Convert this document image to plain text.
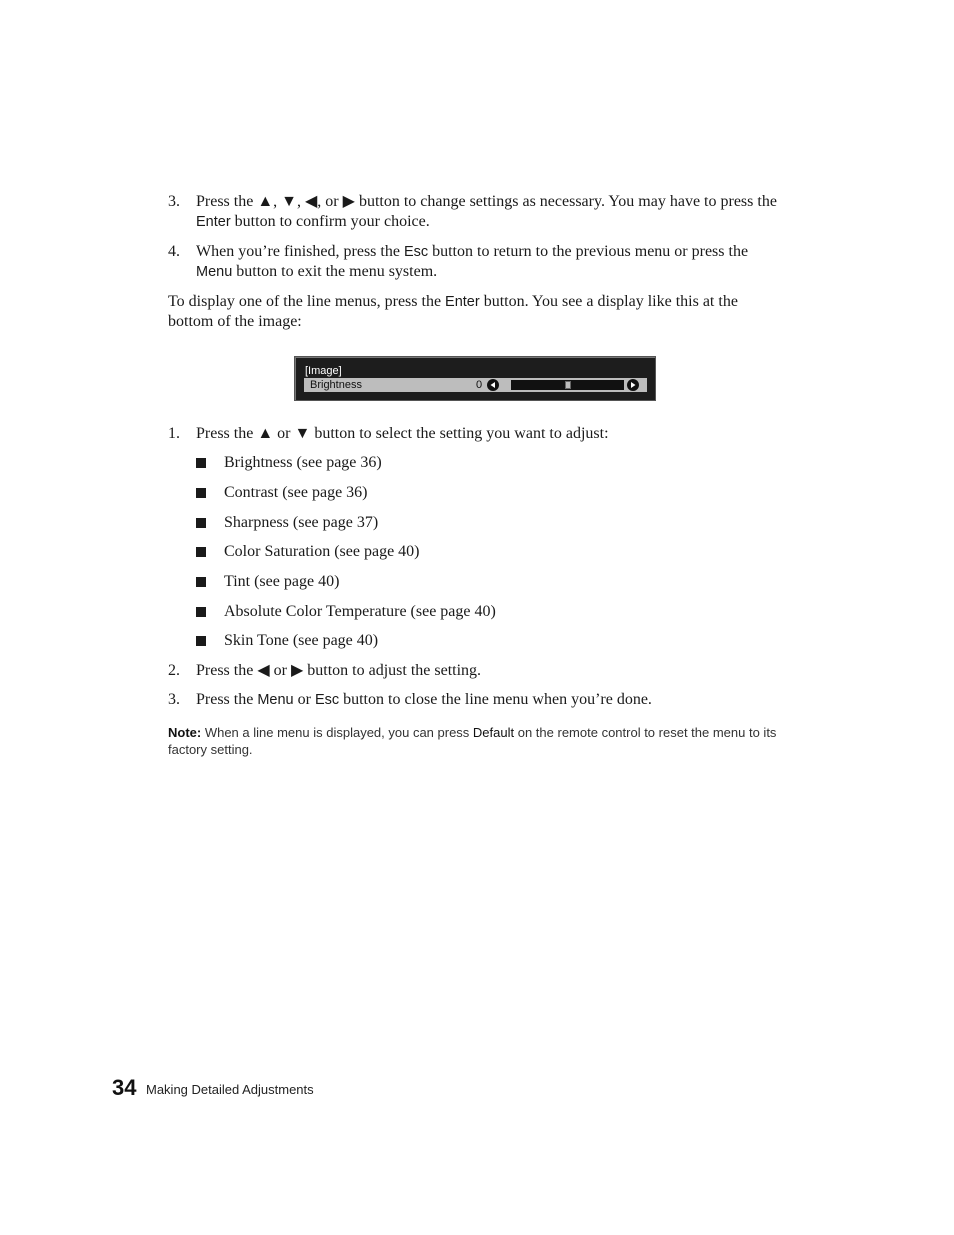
3. Press the ▲, ▼, ◀, or ▶ button to change settings as necessary. You may have to press the
Enter button to confirm your choice.
4. When you’re finished, press the Esc button to return to the previous menu or press the
Menu button to exit the menu system.
To display one of the line menus, press the Enter button. You see a display like this at the
bottom of the image:
[Image]
Brightness	0
1. Press the ▲ or ▼ button to select the setting you want to adjust:
Brightness (see page 36)
Contrast (see page 36)
Sharpness (see page 37)
Color Saturation (see page 40)
Tint (see page 40)
Absolute Color Temperature (see page 40)
Skin Tone (see page 40)
2. Press the ◀ or ▶ button to adjust the setting.
3. Press the Menu or Esc button to close the line menu when you’re done.
Note: When a line menu is displayed, you can press Default on the remote control to reset the menu to its factory setting.
34 Making Detailed Adjustments
